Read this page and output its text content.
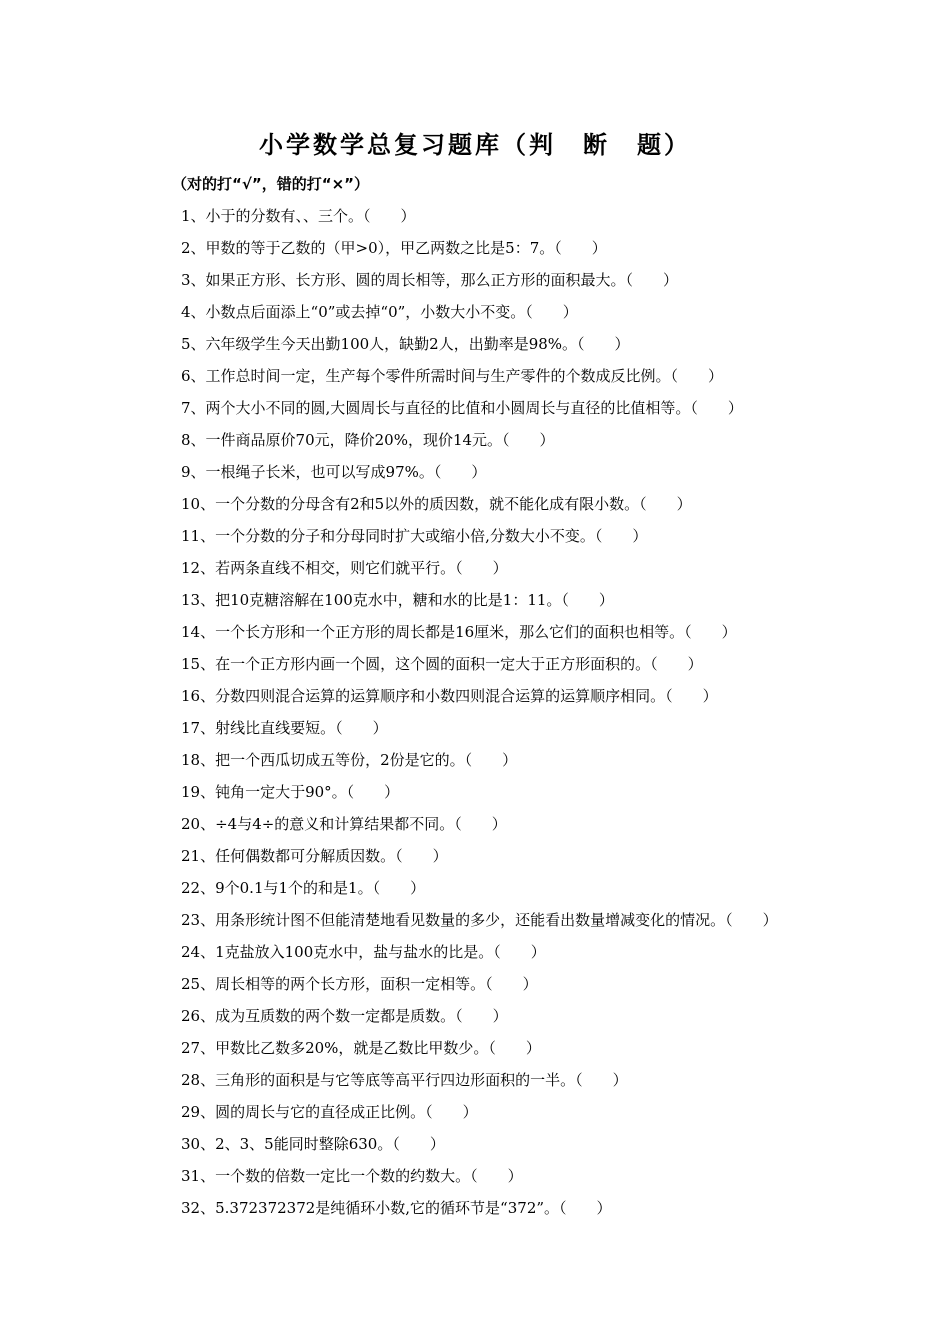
小学数学总复习题库（判　断　题）
（对的打“√”，错的打“×”）
1、小于的分数有、、三个。（　　）
2、甲数的等于乙数的（甲>0），甲乙两数之比是5：7。（　　）
3、如果正方形、长方形、圆的周长相等，那么正方形的面积最大。（　　）
4、小数点后面添上“0”或去掉“0”，小数大小不变。（　　）
5、六年级学生今天出勤100人，缺勤2人，出勤率是98%。（　　）
6、工作总时间一定，生产每个零件所需时间与生产零件的个数成反比例。（　　）
7、两个大小不同的圆,大圆周长与直径的比值和小圆周长与直径的比值相等。（　　）
8、一件商品原价70元，降价20%，现价14元。（　　）
9、一根绳子长米，也可以写成97%。（　　）
10、一个分数的分母含有2和5以外的质因数，就不能化成有限小数。（　　）
11、一个分数的分子和分母同时扩大或缩小倍,分数大小不变。（　　）
12、若两条直线不相交，则它们就平行。（　　）
13、把10克糖溶解在100克水中，糖和水的比是1：11。（　　）
14、一个长方形和一个正方形的周长都是16厘米，那么它们的面积也相等。（　　）
15、在一个正方形内画一个圆，这个圆的面积一定大于正方形面积的。（　　）
16、分数四则混合运算的运算顺序和小数四则混合运算的运算顺序相同。（　　）
17、射线比直线要短。（　　）
18、把一个西瓜切成五等份，2份是它的。（　　）
19、钝角一定大于90°。（　　）
20、÷4与4÷的意义和计算结果都不同。（　　）
21、任何偶数都可分解质因数。（　　）
22、9个0.1与1个的和是1。（　　）
23、用条形统计图不但能清楚地看见数量的多少，还能看出数量增减变化的情况。（　　）
24、1克盐放入100克水中，盐与盐水的比是。（　　）
25、周长相等的两个长方形，面积一定相等。（　　）
26、成为互质数的两个数一定都是质数。（　　）
27、甲数比乙数多20%，就是乙数比甲数少。（　　）
28、三角形的面积是与它等底等高平行四边形面积的一半。（　　）
29、圆的周长与它的直径成正比例。（　　）
30、2、3、5能同时整除630。（　　）
31、一个数的倍数一定比一个数的约数大。（　　）
32、5.372372372是纯循环小数,它的循环节是“372”。（　　）
